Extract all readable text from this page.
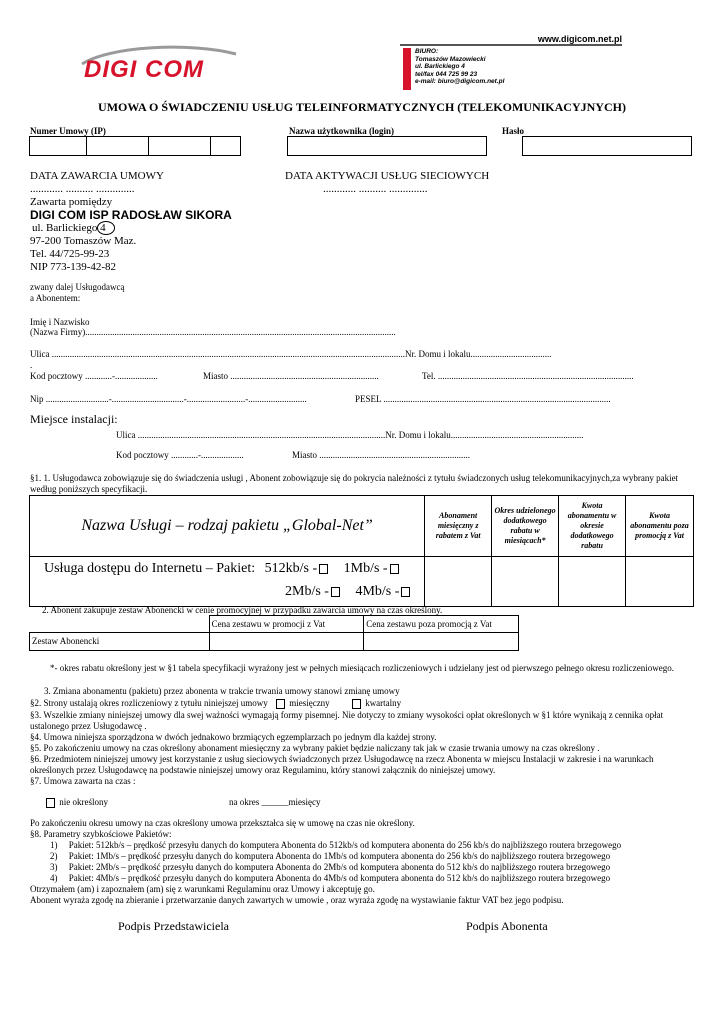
www.digicom.net.pl
DIGI COM
BIURO:
Tomaszów Mazowiecki
ul. Barlickiego 4
tel/fax 044 725 99 23
e-mail: biuro@digicom.net.pl
UMOWA O ŚWIADCZENIU USŁUG TELEINFORMATYCZNYCH (TELEKOMUNIKACYJNYCH)
Numer Umowy (IP)	Nazwa użytkownika (login)	Hasło
DATA ZAWARCIA UMOWY
............ .......... ..............
DATA AKTYWACJI USŁUG SIECIOWYCH
............ .......... ..............
Zawarta pomiędzy
DIGI COM ISP RADOSŁAW SIKORA
ul. Barlickiego 4
97-200 Tomaszów Maz.
Tel. 44/725-99-23
NIP 773-139-42-82
zwany dalej Usługodawcą
a Abonentem:
Imię i Nazwisko
(Nazwa Firmy)..........................................................................................................................................
Ulica .............................................................................................................................................................Nr. Domu i lokalu....................................
.
Kod pocztowy ............-...................	Miasto ..................................................................	Tel. .......................................................................................
Nip ............................-................................-..........................-..........................	PESEL .....................................................................................................
Miejsce instalacji:
Ulica ..............................................................................................................Nr. Domu i lokalu...........................................................
Kod pocztowy ............-...................	Miasto ...................................................................
§1. 1. Usługodawca zobowiązuje się do świadczenia usługi , Abonent zobowiązuje się do pokrycia należności z tytułu świadczonych usług telekomunikacyjnych,za wybrany pakiet według poniższych specyfikacji.
Nazwa Usługi – rodzaj pakietu „Global-Net”	Abonament miesięczny z rabatem z Vat	Okres udzielonego dodatkowego rabatu w miesiącach*	Kwota abonamentu w okresie dodatkowego rabatu	Kwota abonamentu poza promocją z Vat

Usługa dostępu do Internetu – Pakiet: 512kb/s - 1Mb/s -
2Mb/s - 4Mb/s -				

2. Abonent zakupuje zestaw Abonencki w cenie promocyjnej w przypadku zawarcia umowy na czas określony.
	Cena zestawu w promocji z Vat	Cena zestawu poza promocją z Vat
Zestaw Abonencki		
*- okres rabatu określony jest w §1 tabela specyfikacji wyrażony jest w pełnych miesiącach rozliczeniowych i udzielany jest od pierwszego pełnego okresu rozliczeniowego.
3. Zmiana abonamentu (pakietu) przez abonenta w trakcie trwania umowy stanowi zmianę umowy
§2. Strony ustalają okres rozliczeniowy z tytułu niniejszej umowy miesięczny	kwartalny
§3. Wszelkie zmiany niniejszej umowy dla swej ważności wymagają formy pisemnej. Nie dotyczy to zmiany wysokości opłat określonych w §1 które wynikają z cennika opłat ustalonego przez Usługodawcę .
§4. Umowa niniejsza sporządzona w dwóch jednakowo brzmiących egzemplarzach po jednym dla każdej strony.
§5. Po zakończeniu umowy na czas określony abonament miesięczny za wybrany pakiet będzie naliczany tak jak w czasie trwania umowy na czas określony .
§6. Przedmiotem niniejszej umowy jest korzystanie z usług sieciowych świadczonych przez Usługodawcę na rzecz Abonenta w miejscu Instalacji w zakresie i na warunkach określonych przez Usługodawcę na podstawie niniejszej umowy oraz Regulaminu, który stanowi załącznik do niniejszej umowy.
§7. Umowa zawarta na czas :
nie określony	na okres ______miesięcy
Po zakończeniu okresu umowy na czas określony umowa przekształca się w umowę na czas nie określony.
§8. Parametry szybkościowe Pakietów:
1)     Pakiet: 512kb/s – prędkość przesyłu danych do komputera Abonenta do 512kb/s od komputera abonenta do 256 kb/s do najbliższego routera brzegowego
2)     Pakiet: 1Mb/s – prędkość przesyłu danych do komputera Abonenta do 1Mb/s od komputera abonenta do 256 kb/s do najbliższego routera brzegowego
3)     Pakiet: 2Mb/s – prędkość przesyłu danych do komputera Abonenta do 2Mb/s od komputera abonenta do 512 kb/s do najbliższego routera brzegowego
4)     Pakiet: 4Mb/s – prędkość przesyłu danych do komputera Abonenta do 4Mb/s od komputera abonenta do 512 kb/s do najbliższego routera brzegowego
Otrzymałem (am) i zapoznałem (am) się z warunkami Regulaminu oraz Umowy i akceptuję go.
Abonent wyraża zgodę na zbieranie i przetwarzanie danych zawartych w umowie , oraz wyraża zgodę na wystawianie faktur VAT bez jego podpisu.
Podpis Przedstawiciela	Podpis Abonenta
